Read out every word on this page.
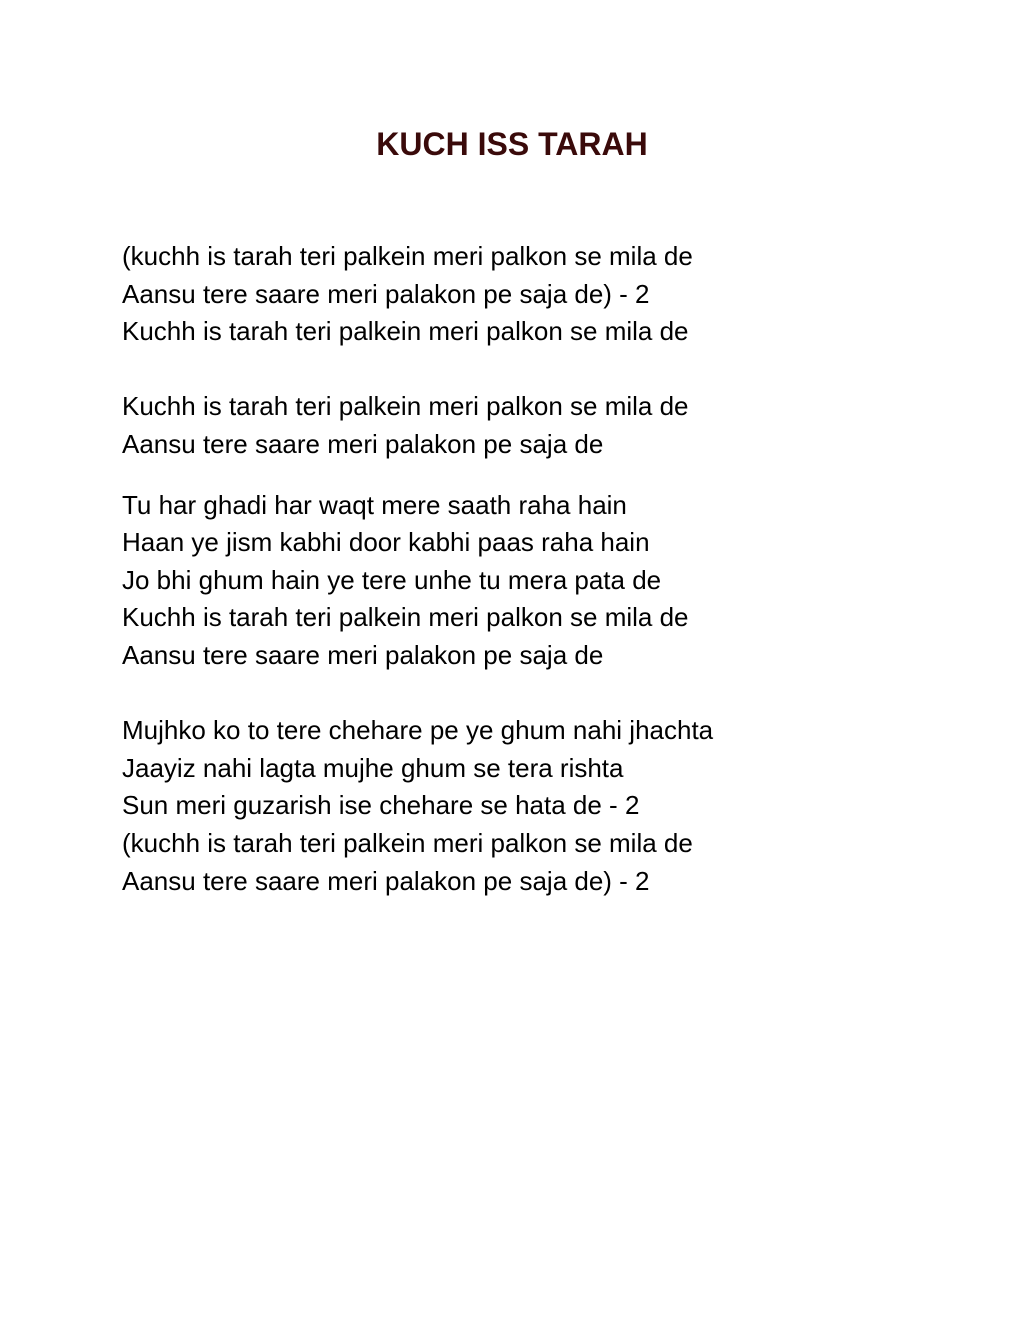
KUCH ISS TARAH
(kuchh is tarah teri palkein meri palkon se mila de
Aansu tere saare meri palakon pe saja de) - 2
Kuchh is tarah teri palkein meri palkon se mila de
Kuchh is tarah teri palkein meri palkon se mila de
Aansu tere saare meri palakon pe saja de
Tu har ghadi har waqt mere saath raha hain
Haan ye jism kabhi door kabhi paas raha hain
Jo bhi ghum hain ye tere unhe tu mera pata de
Kuchh is tarah teri palkein meri palkon se mila de
Aansu tere saare meri palakon pe saja de
Mujhko ko to tere chehare pe ye ghum nahi jhachta
Jaayiz nahi lagta mujhe ghum se tera rishta
Sun meri guzarish ise chehare se hata de - 2
(kuchh is tarah teri palkein meri palkon se mila de
Aansu tere saare meri palakon pe saja de) - 2
